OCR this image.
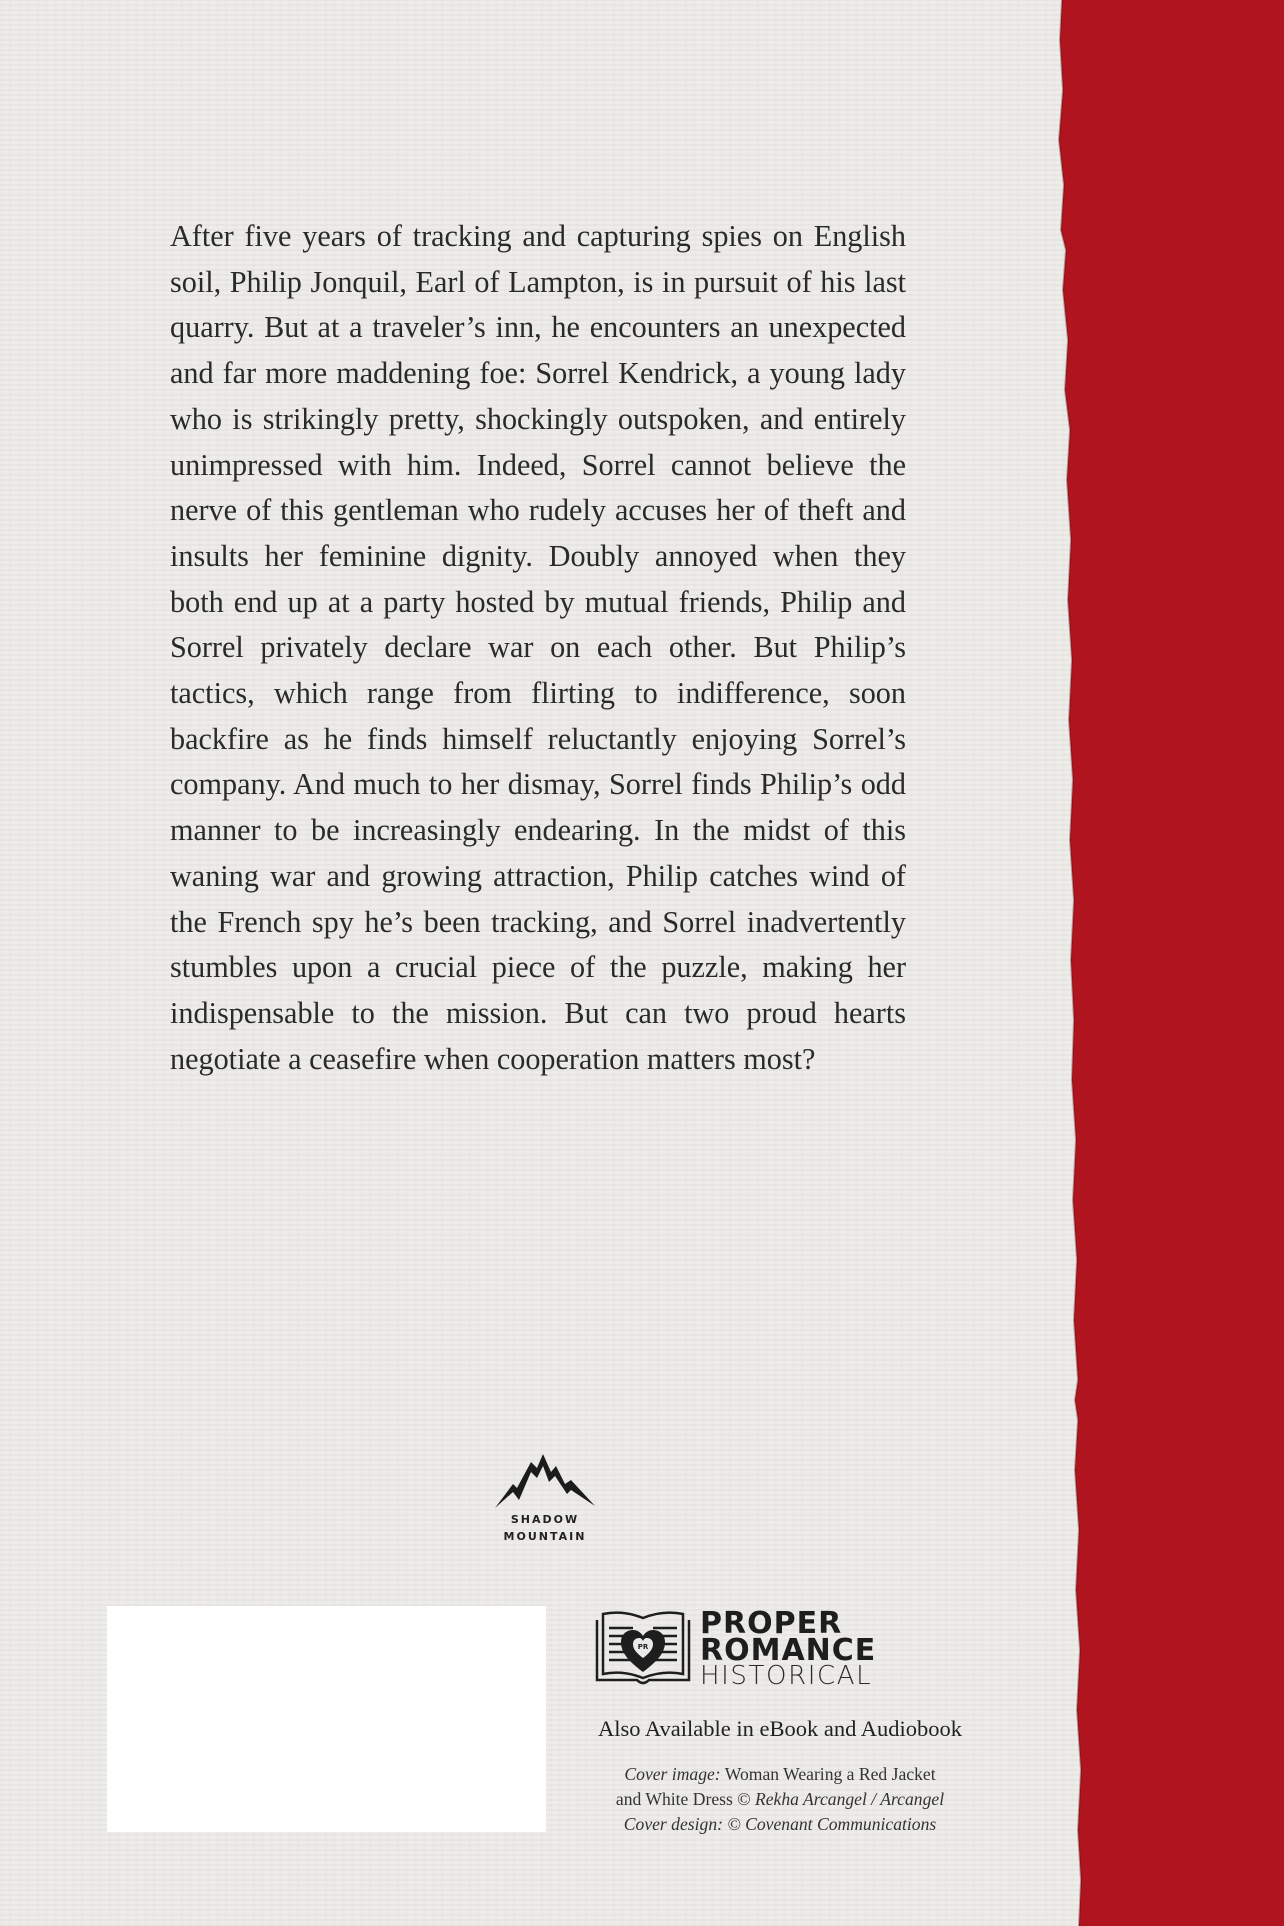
After five years of tracking and capturing spies on English soil, Philip Jonquil, Earl of Lampton, is in pursuit of his last quarry. But at a traveler’s inn, he encounters an unexpected and far more maddening foe: Sorrel Kendrick, a young lady who is strikingly pretty, shockingly outspoken, and entirely unimpressed with him. Indeed, Sorrel cannot believe the nerve of this gentleman who rudely accuses her of theft and insults her feminine dignity. Doubly annoyed when they both end up at a party hosted by mutual friends, Philip and Sorrel privately declare war on each other. But Philip’s tactics, which range from flirting to indifference, soon backfire as he finds himself reluctantly enjoying Sorrel’s company. And much to her dismay, Sorrel finds Philip’s odd manner to be increasingly endearing. In the midst of this waning war and growing attraction, Philip catches wind of the French spy he’s been tracking, and Sorrel inadvertently stumbles upon a crucial piece of the puzzle, making her indispensable to the mission. But can two proud hearts negotiate a ceasefire when cooperation matters most?

SHADOW
MOUNTAIN
PR
PROPER
ROMANCE
HISTORICAL
Also Available in eBook and Audiobook
Cover image: Woman Wearing a Red Jacket
and White Dress © Rekha Arcangel / Arcangel
Cover design: © Covenant Communications
